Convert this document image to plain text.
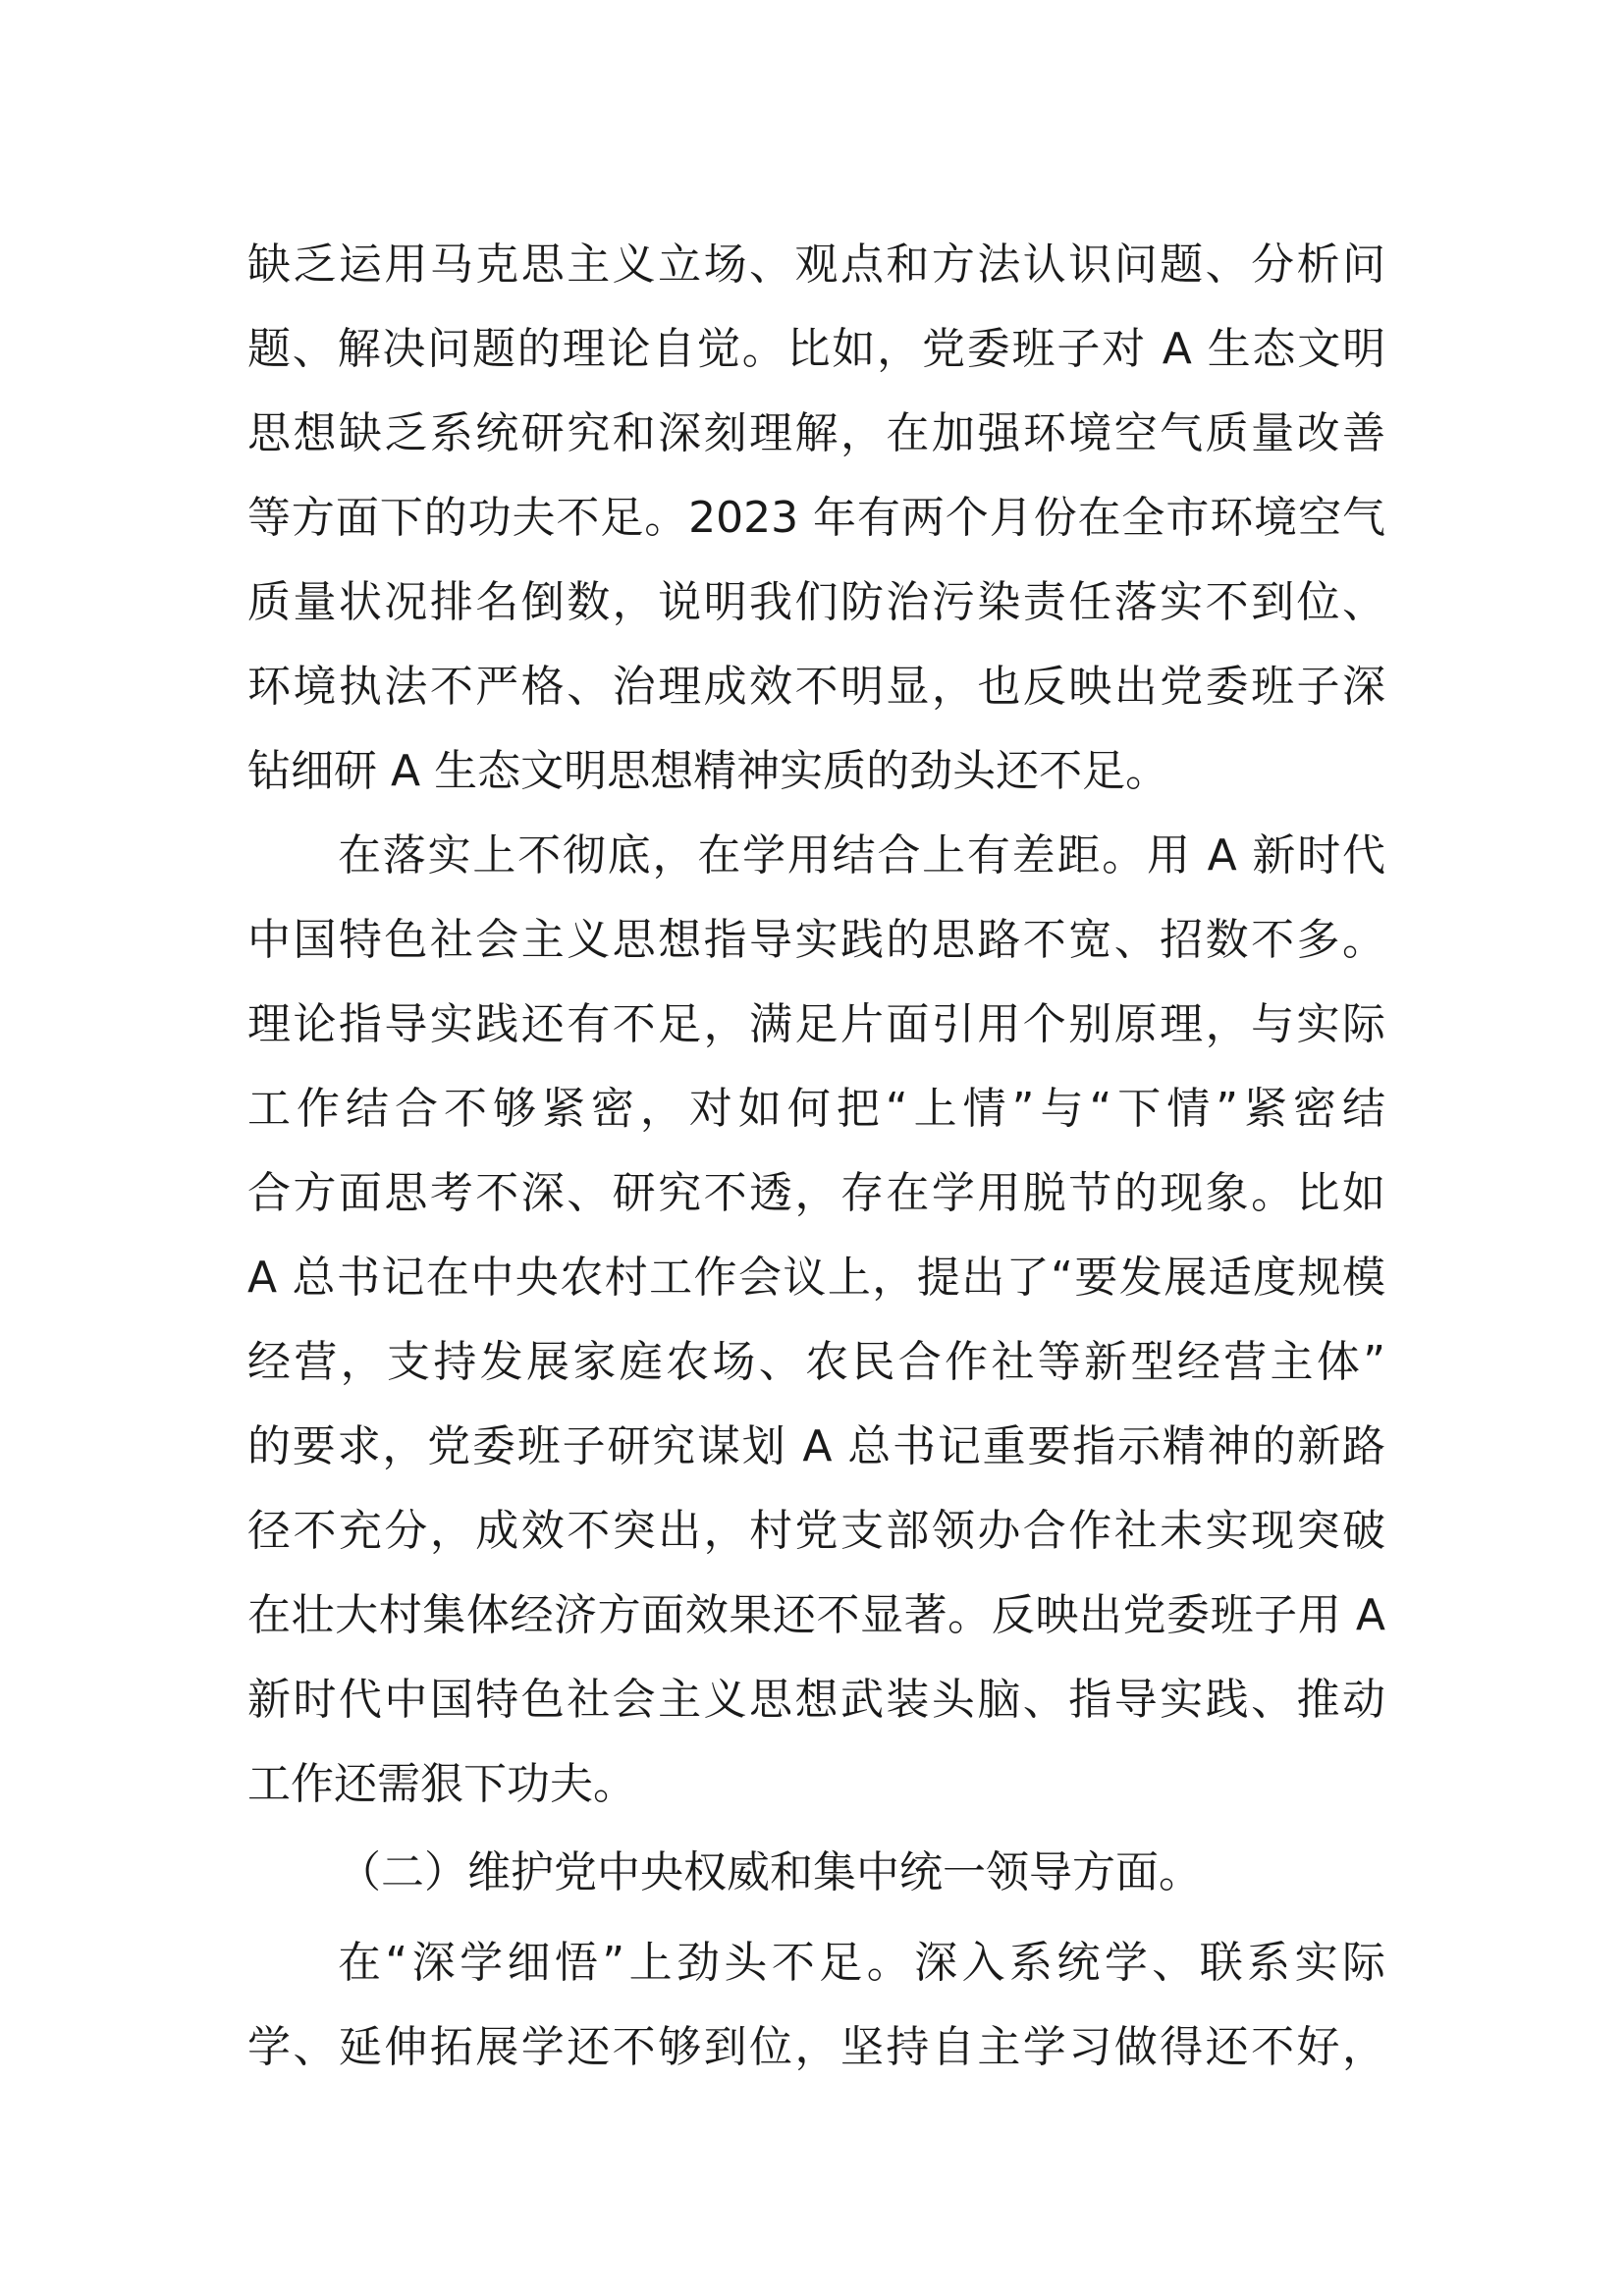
缺乏运用马克思主义立场、观点和方法认识问题、分析问
题、解决问题的理论自觉。比如，党委班子对 A 生态文明
思想缺乏系统研究和深刻理解，在加强环境空气质量改善
等方面下的功夫不足。2023 年有两个月份在全市环境空气
质量状况排名倒数，说明我们防治污染责任落实不到位、
环境执法不严格、治理成效不明显，也反映出党委班子深
钻细研 A 生态文明思想精神实质的劲头还不足。
在落实上不彻底，在学用结合上有差距。用 A 新时代
中国特色社会主义思想指导实践的思路不宽、招数不多。
理论指导实践还有不足，满足片面引用个别原理，与实际
工作结合不够紧密，对如何把“上情”与“下情”紧密结
合方面思考不深、研究不透，存在学用脱节的现象。比如
A 总书记在中央农村工作会议上，提出了“要发展适度规模
经营，支持发展家庭农场、农民合作社等新型经营主体”
的要求，党委班子研究谋划 A 总书记重要指示精神的新路
径不充分，成效不突出，村党支部领办合作社未实现突破
在壮大村集体经济方面效果还不显著。反映出党委班子用 A
新时代中国特色社会主义思想武装头脑、指导实践、推动
工作还需狠下功夫。
（二）维护党中央权威和集中统一领导方面。
在“深学细悟”上劲头不足。深入系统学、联系实际
学、延伸拓展学还不够到位，坚持自主学习做得还不好，
